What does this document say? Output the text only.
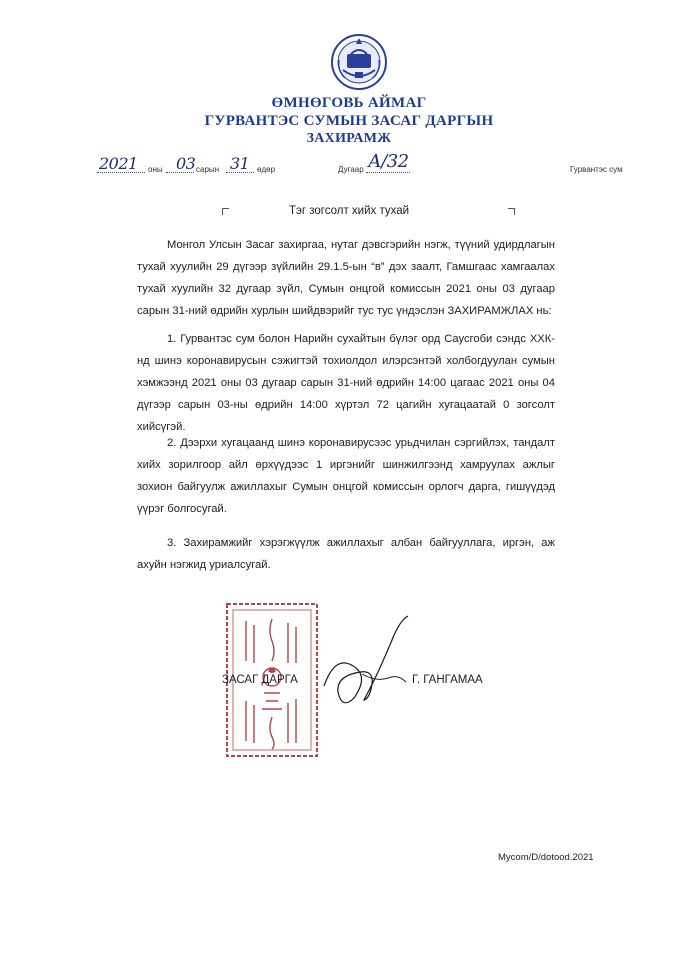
ӨМНӨГОВЬ АЙМАГ
ГУРВАНТЭС СУМЫН ЗАСАГ ДАРГЫН
ЗАХИРАМЖ
2021 оны 03 сарын 31 өдөр	Дугаар А/32	Гурвантэс сум
Тэг зогсолт хийх тухай
Монгол Улсын Засаг захиргаа, нутаг дэвсгэрийн нэгж, түүний удирдлагын тухай хуулийн 29 дүгээр зүйлийн 29.1.5-ын “в” дэх заалт, Гамшгаас хамгаалах тухай хуулийн 32 дугаар зүйл, Сумын онцгой комиссын 2021 оны 03 дугаар сарын 31-ний өдрийн хурлын шийдвэрийг тус тус үндэслэн ЗАХИРАМЖЛАХ нь:
1. Гурвантэс сум болон Нарийн сухайтын бүлэг орд Саусгоби сэндс ХХК-нд шинэ коронавирусын сэжигтэй тохиолдол илэрсэнтэй холбогдуулан сумын хэмжээнд 2021 оны 03 дугаар сарын 31-ний өдрийн 14:00 цагаас 2021 оны 04 дүгээр сарын 03-ны өдрийн 14:00 хүртэл 72 цагийн хугацаатай 0 зогсолт хийсүгэй.
2. Дээрхи хугацаанд шинэ коронавирусээс урьдчилан сэргийлэх, тандалт хийх зорилгоор айл өрхүүдээс 1 иргэнийг шинжилгээнд хамруулах ажлыг зохион байгуулж ажиллахыг Сумын онцгой комиссын орлогч дарга, гишүүдэд үүрэг болгосугай.
3. Захирамжийг хэрэгжүүлж ажиллахыг албан байгууллага, иргэн, аж ахуйн нэгжид уриалсугай.
ЗАСАГ ДАРГА	Г. ГАНГАМАА
Mycom/D/dotood.2021
